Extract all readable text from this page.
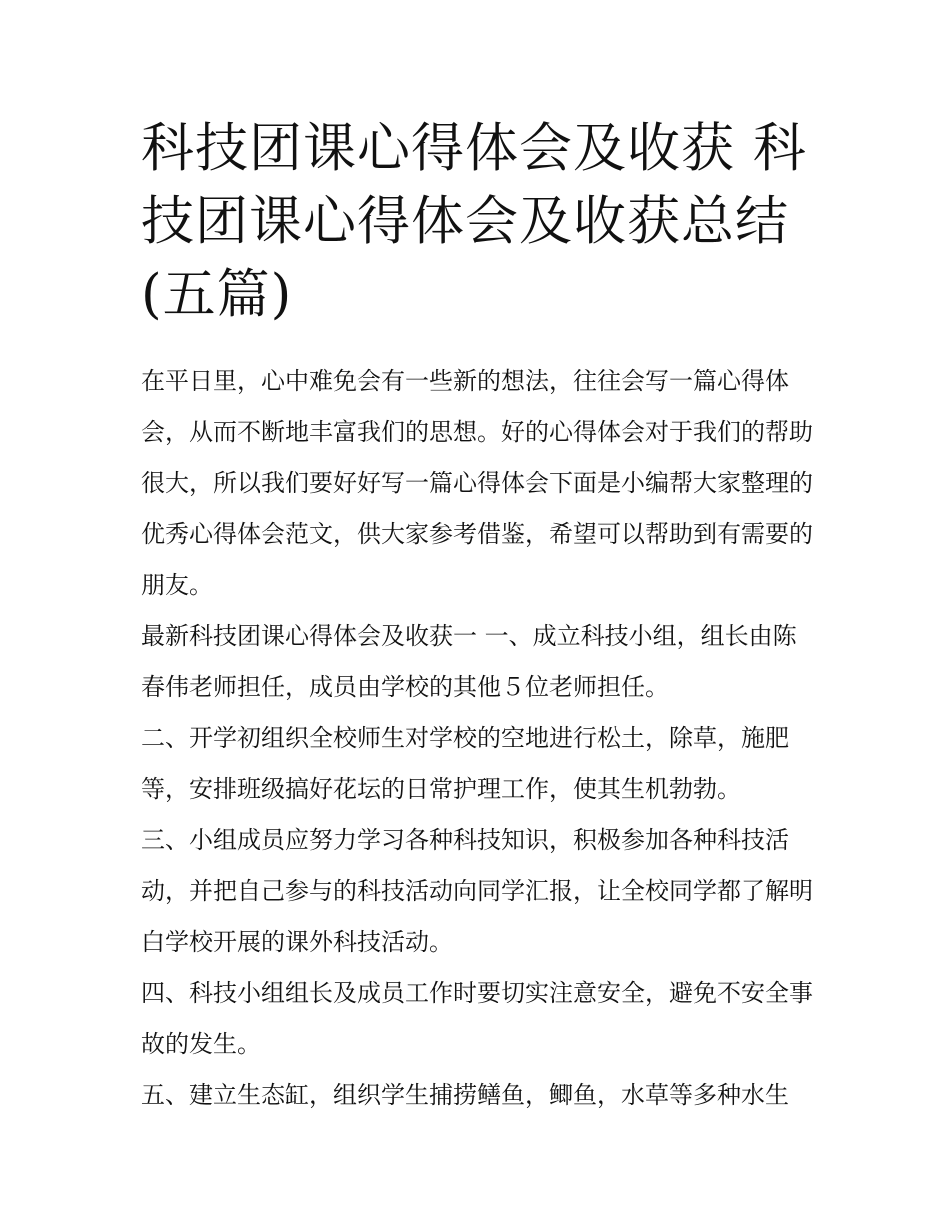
科技团课心得体会及收获 科技团课心得体会及收获总结(五篇)

在平日里，心中难免会有一些新的想法，往往会写一篇心得体会，从而不断地丰富我们的思想。好的心得体会对于我们的帮助很大，所以我们要好好写一篇心得体会下面是小编帮大家整理的优秀心得体会范文，供大家参考借鉴，希望可以帮助到有需要的朋友。

最新科技团课心得体会及收获一 一、成立科技小组，组长由陈春伟老师担任，成员由学校的其他５位老师担任。

二、开学初组织全校师生对学校的空地进行松土，除草，施肥等，安排班级搞好花坛的日常护理工作，使其生机勃勃。

三、小组成员应努力学习各种科技知识，积极参加各种科技活动，并把自己参与的科技活动向同学汇报，让全校同学都了解明白学校开展的课外科技活动。

四、科技小组组长及成员工作时要切实注意安全，避免不安全事故的发生。

五、建立生态缸，组织学生捕捞鳝鱼，鲫鱼，水草等多种水生
